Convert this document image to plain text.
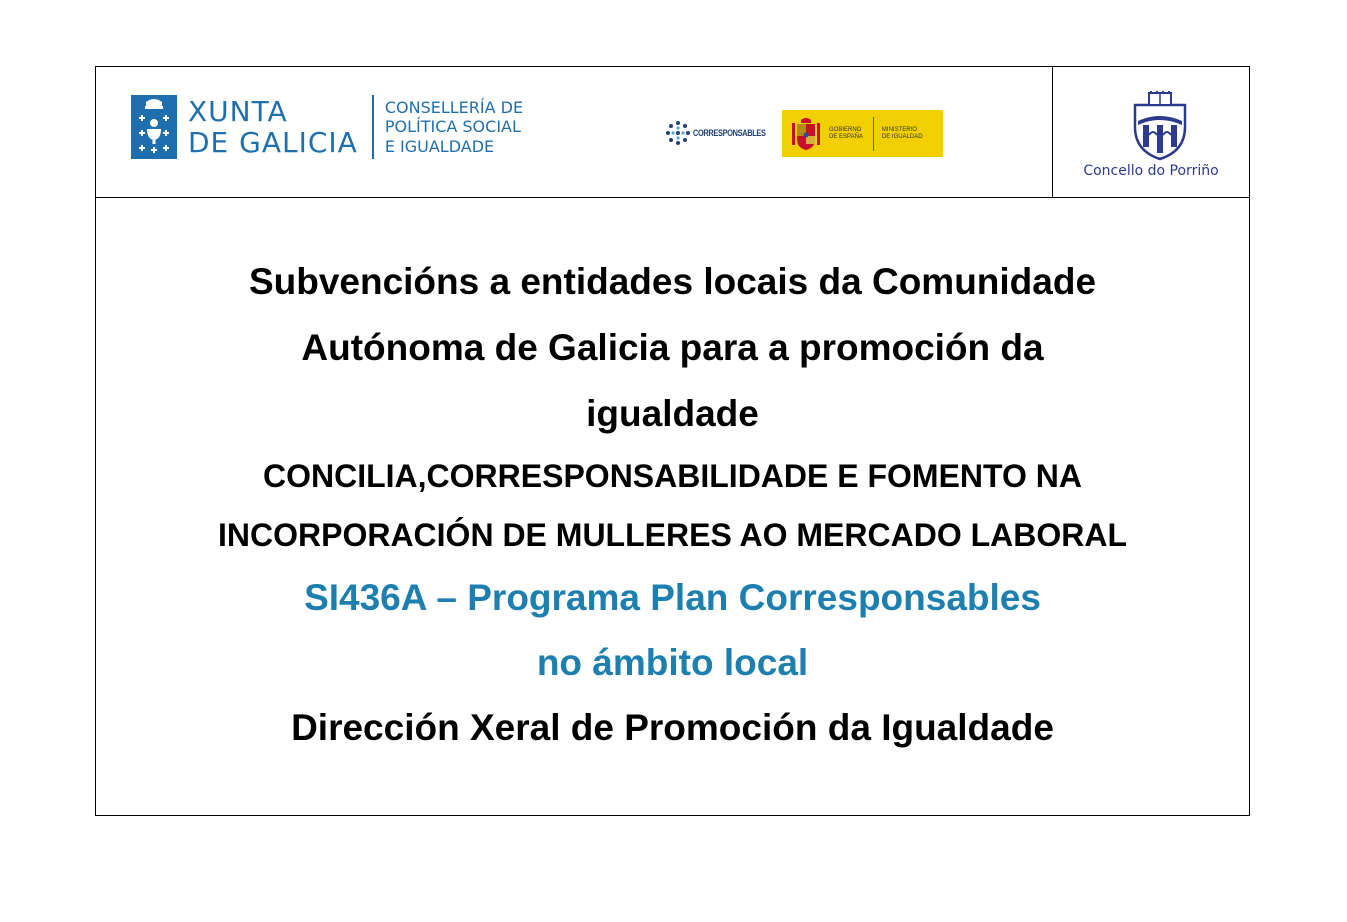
XUNTA
DE GALICIA
CONSELLERÍA DE
POLÍTICA SOCIAL
E IGUALDADE
CORRESPONSABLES	GOBIERNO
DE ESPAÑA
MINISTERIO
DE IGUALDAD
Concello do Porriño
Subvencións a entidades locais da Comunidade
Autónoma de Galicia para a promoción da
igualdade
CONCILIA,CORRESPONSABILIDADE E FOMENTO NA
INCORPORACIÓN DE MULLERES AO MERCADO LABORAL
SI436A – Programa Plan Corresponsables
no ámbito local
Dirección Xeral de Promoción da Igualdade
